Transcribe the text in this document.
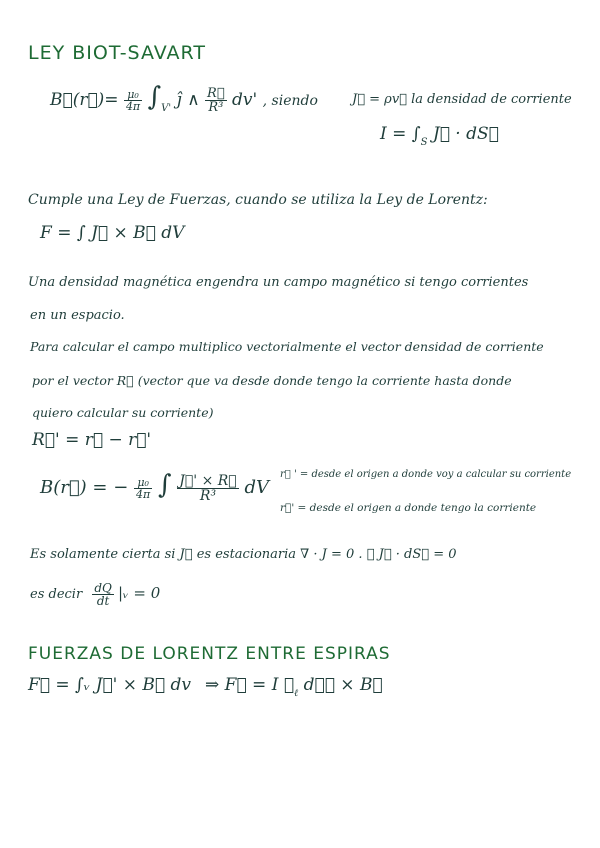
LEY BIOT-SAVART
B⃗(r⃗)= $\frac{\text{μ₀}}{4\pi} \int_{V'}$ ĵ ∧ $\frac{R⃗}{\text{R³}} dv'$ , siendo	J⃗ = ρv⃗ la densidad de corriente
$I = \int_S$ J⃗ · dS⃗
Cumple una Ley de Fuerzas, cuando se utiliza la Ley de Lorentz:
F = ∫ J⃗ × B⃗ dV
Una densidad magnética engendra un campo magnético si tengo corrientes
en un espacio.
Para calcular el campo multiplico vectorialmente el vector densidad de corriente
por el vector R⃗ (vector que va desde donde tengo la corriente hasta donde
quiero calcular su corriente)
R⃗' = r⃗ − r⃗'
B(r⃗) = − $\frac{\text{μ₀}}{4\pi}$ ∫ $\frac{J⃗' \times R⃗}{\text{R³}}$ dV
r⃗ ' = desde el origen a donde voy a calcular su corriente
r⃗' = desde el origen a donde tengo la corriente
Es solamente cierta si J⃗ es estacionaria ∇ · J = 0 . ∮ J⃗ · dS⃗ = 0
es decir $\frac{dQ}{dt}$ |ᵥ = 0
FUERZAS DE LORENTZ ENTRE ESPIRAS
F⃗ = ∫ᵥ J⃗' × B⃗ dv ⇒ F⃗ = I $∮_\ell$ dℓ⃗ × B⃗
